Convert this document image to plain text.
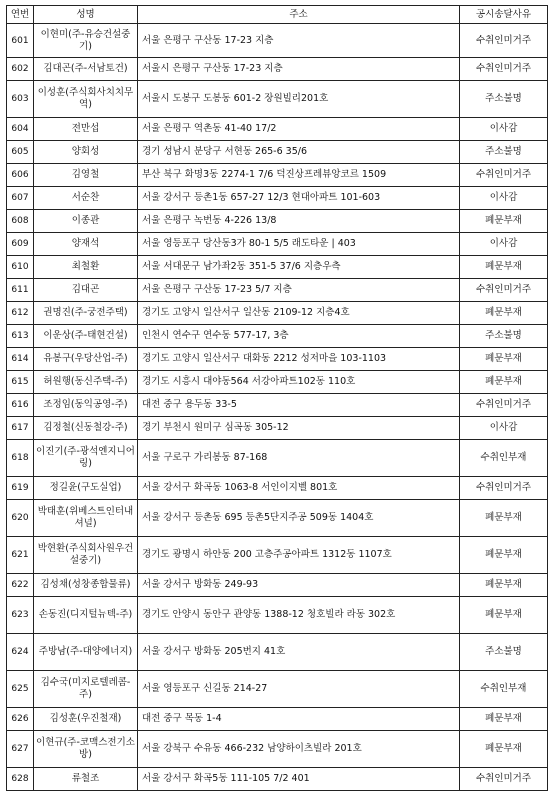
연번	성명	주소	공시송달사유
601	이현미(주-유승건설중기)	서울 은평구 구산동 17-23 지층	수취인미거주
602	김대곤(주-서남토건)	서울시 은평구 구산동 17-23 지층	수취인미거주
603	이성훈(주식회사치치무역)	서울시 도봉구 도봉동 601-2 장원빌리201호	주소불명
604	전만섭	서울 은평구 역촌동 41-40 17/2	이사감
605	양회성	경기 성남시 분당구 서현동 265-6 35/6	주소불명
606	김영철	부산 북구 화명3동 2274-1 7/6 덕진상프레뷰앙코르 1509	수취인미거주
607	서순찬	서울 강서구 등촌1동 657-27 12/3 현대아파트 101-603	이사감
608	이종관	서울 은평구 녹번동 4-226 13/8	폐문부재
609	양재석	서울 영등포구 당산동3가 80-1 5/5 래도타운 | 403	이사감
610	최철환	서울 서대문구 남가좌2동 351-5 37/6 지층우측	폐문부재
611	김대곤	서울 은평구 구산동 17-23 5/7 지층	수취인미거주
612	권명진(주-궁전주택)	경기도 고양시 일산서구 일산동 2109-12 지층4호	폐문부재
613	이운상(주-태현건설)	인천시 연수구 연수동 577-17, 3층	주소불명
614	유봉구(우당산업-주)	경기도 고양시 일산서구 대화동 2212 성저마을 103-1103	폐문부재
615	허원행(동신주택-주)	경기도 시흥시 대야동564 서강아파트102동 110호	폐문부재
616	조정임(동익공영-주)	대전 중구 용두동 33-5	수취인미거주
617	김정철(신동철강-주)	경기 부천시 원미구 심곡동 305-12	이사감
618	이진기(주-광석엔지니어링)	서울 구로구 가리봉동 87-168	수취인부재
619	정길윤(구도실업)	서울 강서구 화곡동 1063-8 서인이지벨 801호	수취인미거주
620	박태훈(위베스트인터내셔널)	서울 강서구 등촌동 695 등촌5단지주공 509동 1404호	폐문부재
621	박현환(주식회사원우건설중기)	경기도 광명시 하안동 200 고층주공아파트 1312동 1107호	폐문부재
622	김성채(성창종합물류)	서울 강서구 방화동 249-93	폐문부재
623	손동진(디지털뉴텍-주)	경기도 안양시 동안구 관양동 1388-12 청호빌라 라동 302호	폐문부재
624	주방남(주-대양에너지)	서울 강서구 방화동 205번지 41호	주소불명
625	김수국(미지로텔레콤-주)	서울 영등포구 신길동 214-27	수취인부재
626	김성훈(우진철재)	대전 중구 목동 1-4	폐문부재
627	이현규(주-코맥스전기소방)	서울 강북구 수유동 466-232 남양하이츠빌라 201호	폐문부재
628	류철조	서울 강서구 화곡5동 111-105 7/2 401	수취인미거주
